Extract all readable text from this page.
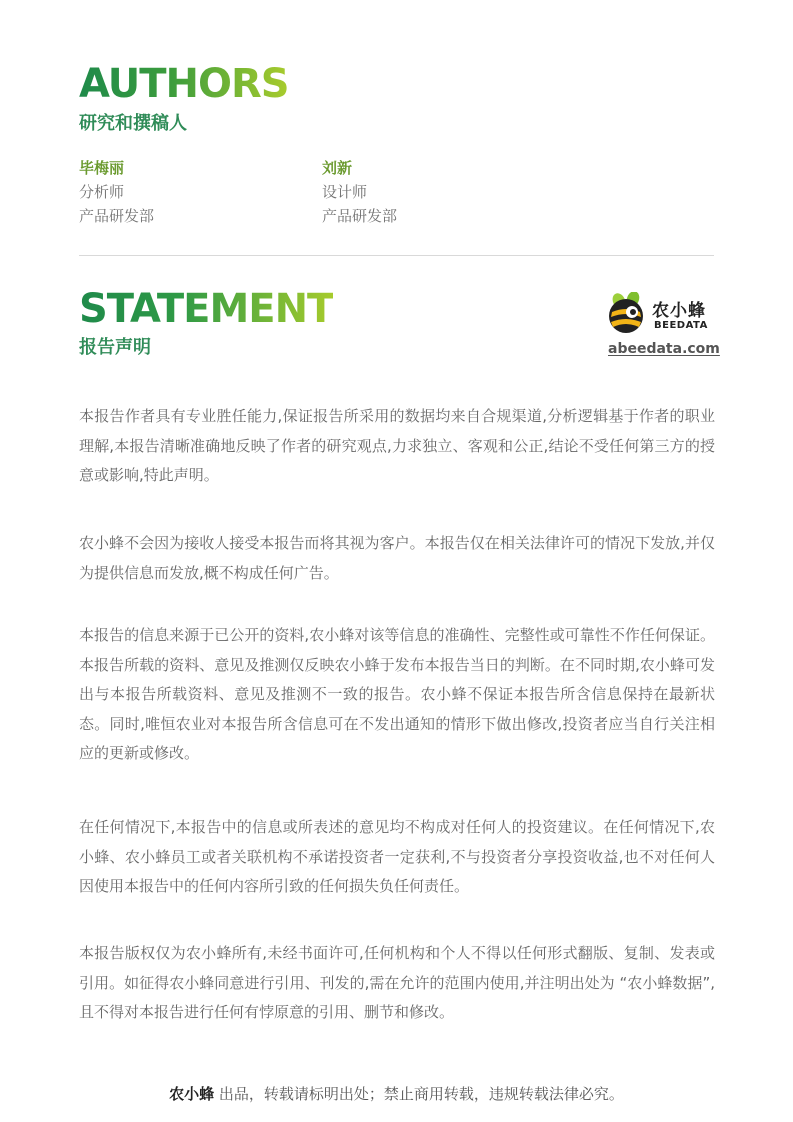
AUTHORS
研究和撰稿人
毕梅丽
分析师
产品研发部
刘新
设计师
产品研发部
STATEMENT
报告声明
农小蜂
BEEDATA
abeedata.com

本报告作者具有专业胜任能力,保证报告所采用的数据均来自合规渠道,分析逻辑基于作者的职业理解,本报告清晰准确地反映了作者的研究观点,力求独立、客观和公正,结论不受任何第三方的授意或影响,特此声明。

农小蜂不会因为接收人接受本报告而将其视为客户。本报告仅在相关法律许可的情况下发放,并仅为提供信息而发放,概不构成任何广告。

本报告的信息来源于已公开的资料,农小蜂对该等信息的准确性、完整性或可靠性不作任何保证。本报告所载的资料、意见及推测仅反映农小蜂于发布本报告当日的判断。在不同时期,农小蜂可发出与本报告所载资料、意见及推测不一致的报告。农小蜂不保证本报告所含信息保持在最新状态。同时,唯恒农业对本报告所含信息可在不发出通知的情形下做出修改,投资者应当自行关注相应的更新或修改。

在任何情况下,本报告中的信息或所表述的意见均不构成对任何人的投资建议。在任何情况下,农小蜂、农小蜂员工或者关联机构不承诺投资者一定获利,不与投资者分享投资收益,也不对任何人因使用本报告中的任何内容所引致的任何损失负任何责任。

本报告版权仅为农小蜂所有,未经书面许可,任何机构和个人不得以任何形式翻版、复制、发表或引用。如征得农小蜂同意进行引用、刊发的,需在允许的范围内使用,并注明出处为 “农小蜂数据”,且不得对本报告进行任何有悖原意的引用、删节和修改。

农小蜂 出品，转载请标明出处；禁止商用转载，违规转载法律必究。
